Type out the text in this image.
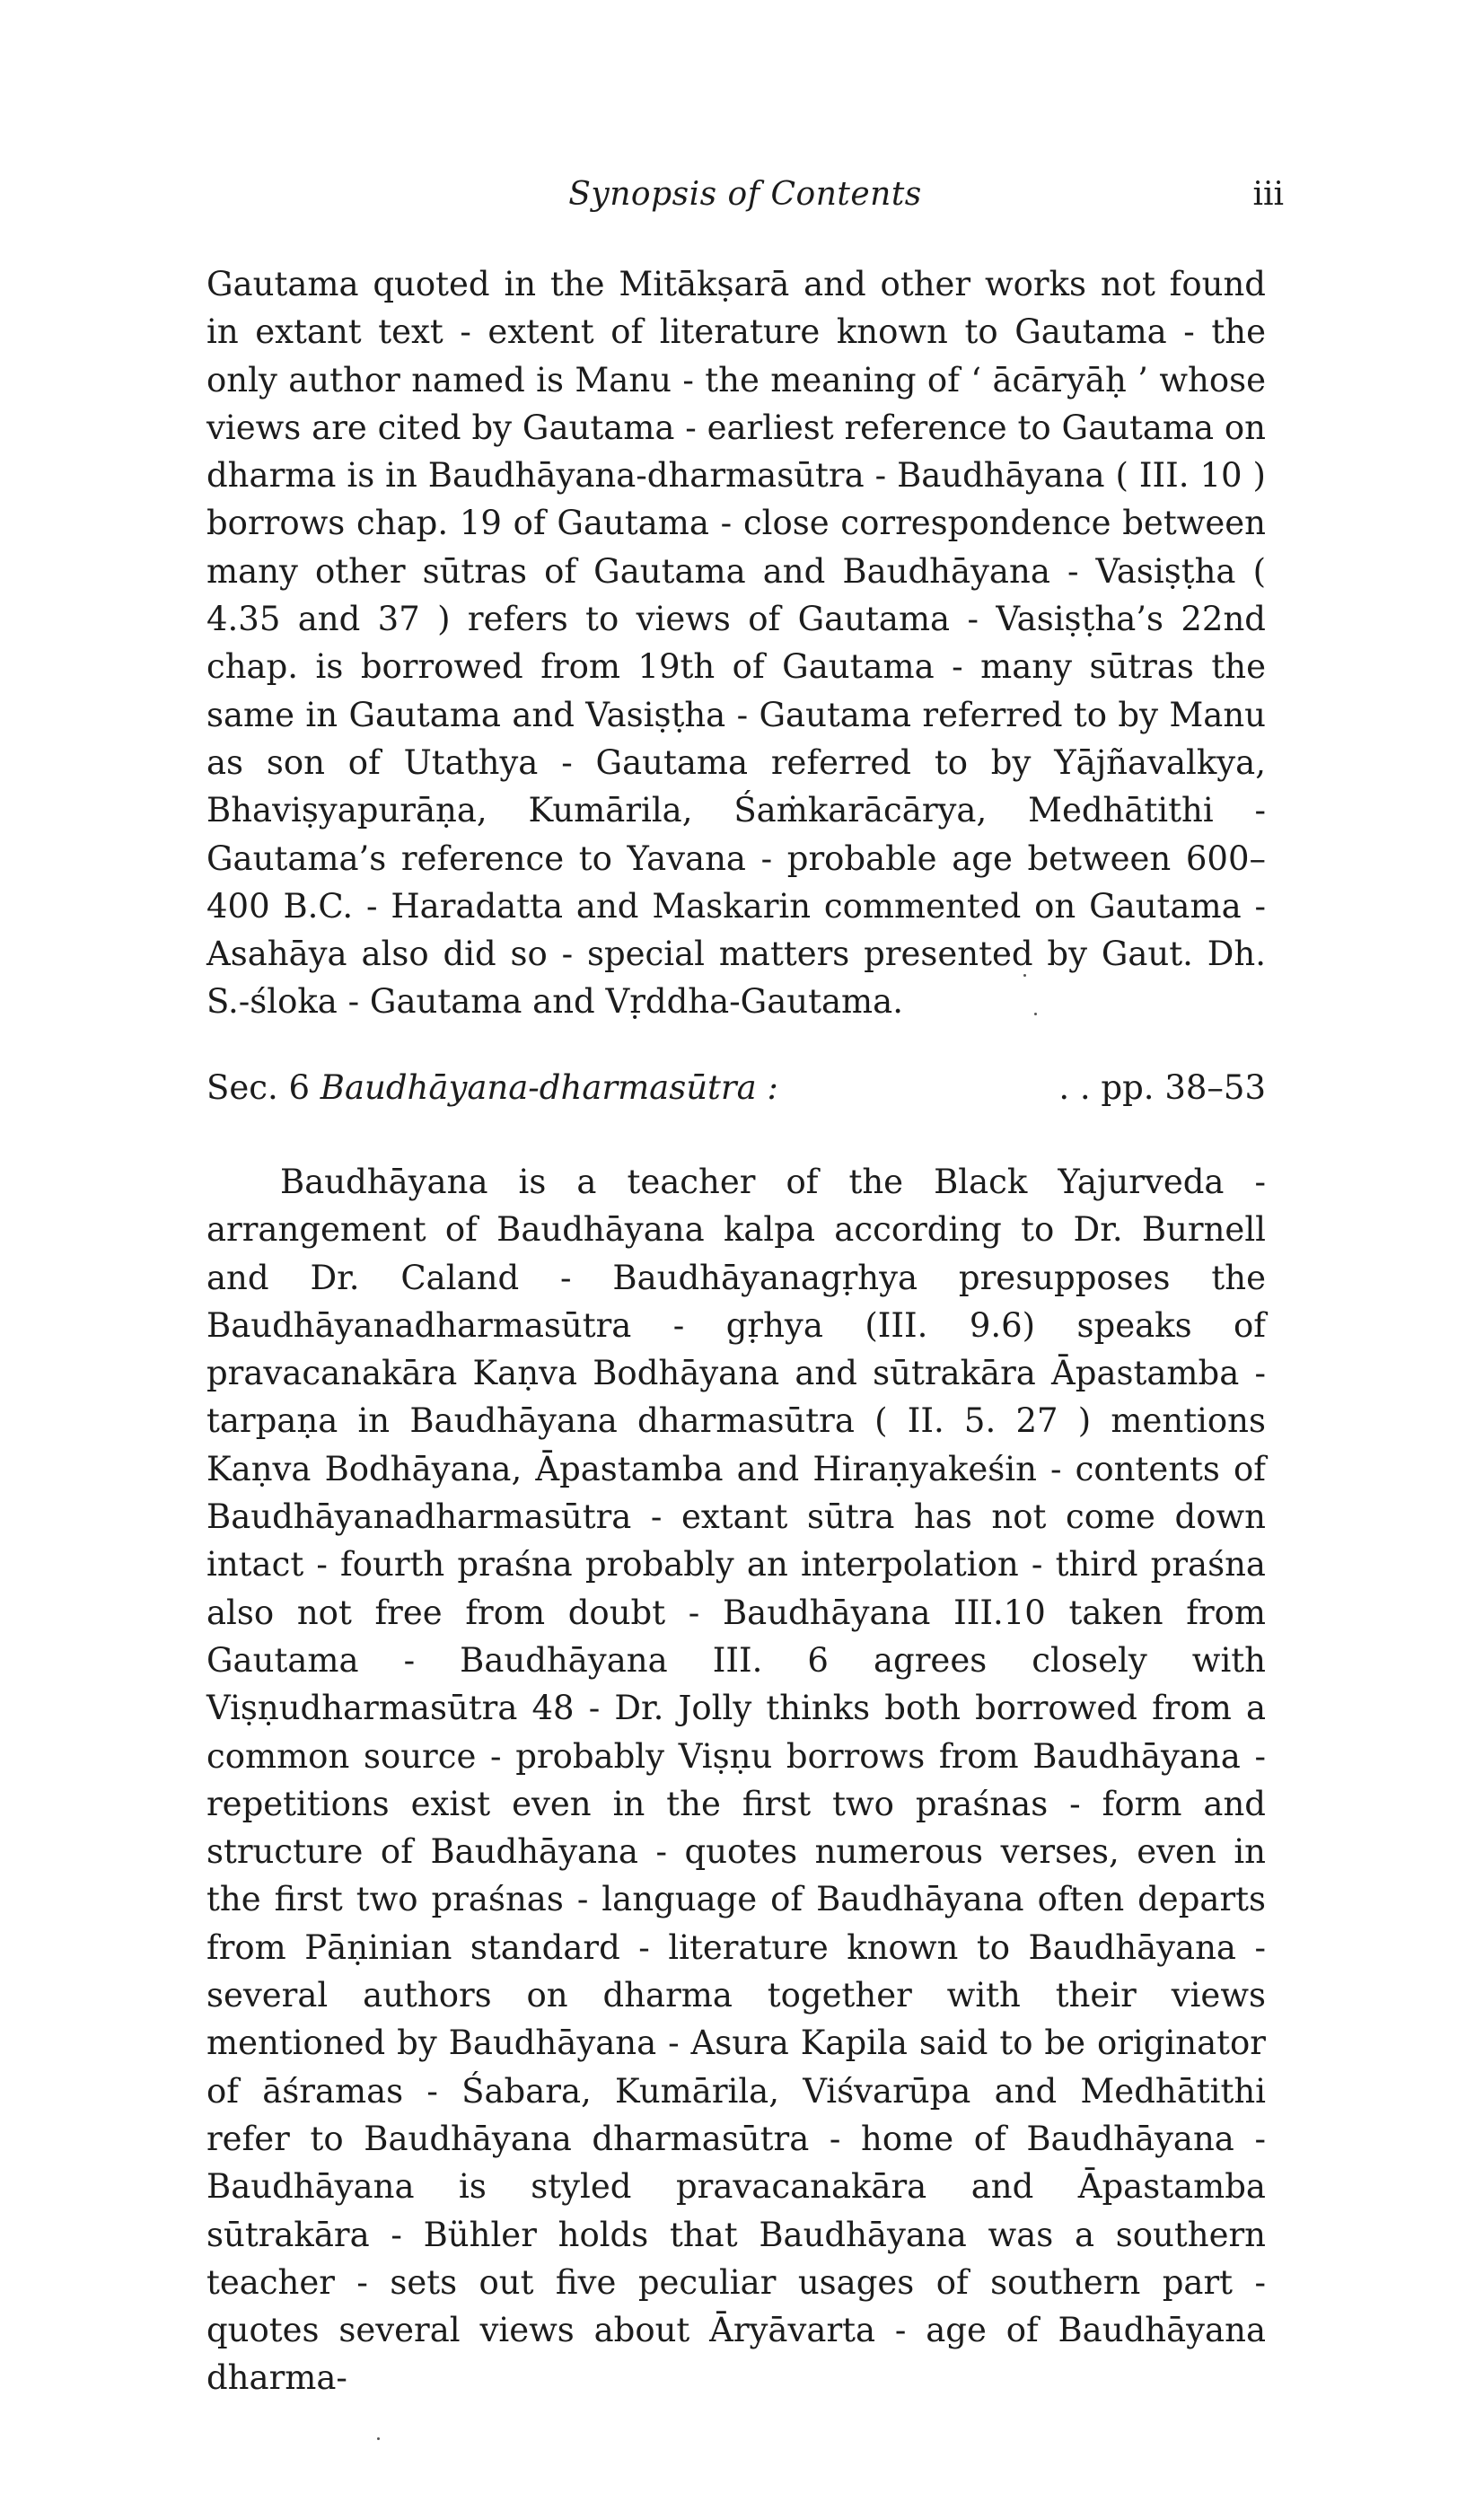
Synopsis of Contents	iii

Gautama quoted in the Mitākṣarā and other works not found in extant text - extent of literature known to Gautama - the only author named is Manu - the meaning of ‘ ācāryāḥ ’ whose views are cited by Gautama - earliest reference to Gautama on dharma is in Baudhāyana-dharmasūtra - Baudhāyana ( III. 10 ) borrows chap. 19 of Gautama - close correspondence between many other sūtras of Gautama and Baudhāyana - Vasiṣṭha ( 4.35 and 37 ) refers to views of Gautama - Vasiṣṭha’s 22nd chap. is borrowed from 19th of Gautama - many sūtras the same in Gautama and Vasiṣṭha - Gautama referred to by Manu as son of Utathya - Gautama referred to by Yājñavalkya, Bhaviṣyapurāṇa, Kumārila, Śaṁkarācārya, Medhātithi - Gautama’s reference to Yavana - probable age between 600–400 B.C. - Haradatta and Maskarin commented on Gautama - Asahāya also did so - special matters presented by Gaut. Dh. S.-śloka - Gautama and Vṛddha-Gautama.

Sec. 6 Baudhāyana-dharmasūtra :	. . pp. 38–53

Baudhāyana is a teacher of the Black Yajurveda - arrangement of Baudhāyana kalpa according to Dr. Burnell and Dr. Caland - Baudhāyanagṛhya presupposes the Baudhāyanadharmasūtra - gṛhya (III. 9.6) speaks of pravacanakāra Kaṇva Bodhāyana and sūtrakāra Āpastamba - tarpaṇa in Baudhāyana dharmasūtra ( II. 5. 27 ) mentions Kaṇva Bodhāyana, Āpastamba and Hiraṇyakeśin - contents of Baudhāyanadharmasūtra - extant sūtra has not come down intact - fourth praśna probably an interpolation - third praśna also not free from doubt - Baudhāyana III.10 taken from Gautama - Baudhāyana III. 6 agrees closely with Viṣṇudharmasūtra 48 - Dr. Jolly thinks both borrowed from a common source - probably Viṣṇu borrows from Baudhāyana - repetitions exist even in the first two praśnas - form and structure of Baudhāyana - quotes numerous verses, even in the first two praśnas - language of Baudhāyana often departs from Pāṇinian standard - literature known to Baudhāyana - several authors on dharma together with their views mentioned by Baudhāyana - Asura Kapila said to be originator of āśramas - Śabara, Kumārila, Viśvarūpa and Medhātithi refer to Baudhāyana dharmasūtra - home of Baudhāyana - Baudhāyana is styled pravacanakāra and Āpastamba sūtrakāra - Bühler holds that Baudhāyana was a southern teacher - sets out five peculiar usages of southern part - quotes several views about Āryāvarta - age of Baudhāyana dharma-
